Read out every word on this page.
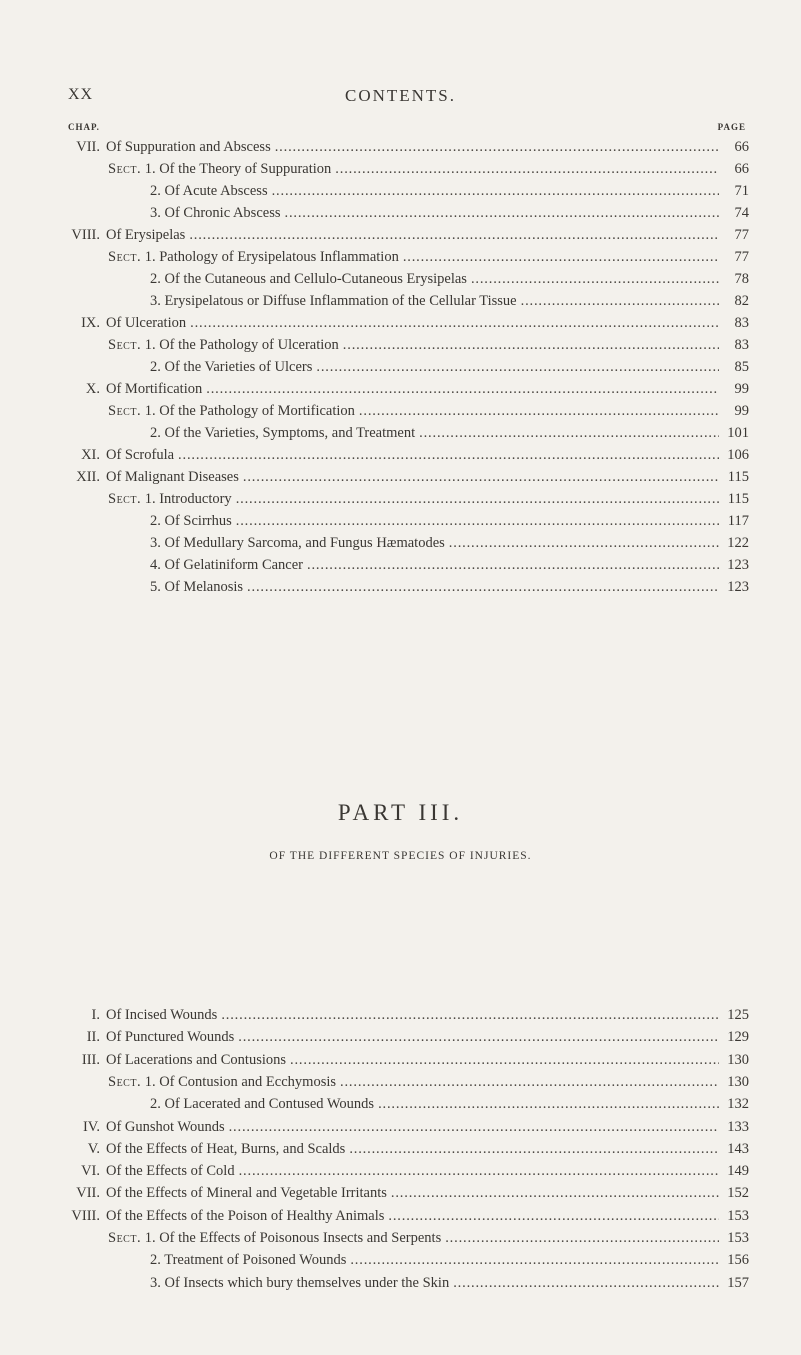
XX	CONTENTS.
CHAP.	PAGE
VII. Of Suppuration and Abscess . . .	66
Sect. 1. Of the Theory of Suppuration . . .	66
2. Of Acute Abscess . . .	71
3. Of Chronic Abscess . . .	74
VIII. Of Erysipelas . . .	77
Sect. 1. Pathology of Erysipelatous Inflammation . . .	77
2. Of the Cutaneous and Cellulo-Cutaneous Erysipelas . . .	78
3. Erysipelatous or Diffuse Inflammation of the Cellular Tissue . . .	82
IX. Of Ulceration . . .	83
Sect. 1. Of the Pathology of Ulceration . . .	83
2. Of the Varieties of Ulcers . . .	85
X. Of Mortification . . .	99
Sect. 1. Of the Pathology of Mortification . . .	99
2. Of the Varieties, Symptoms, and Treatment . . .	101
XI. Of Scrofula . . .	106
XII. Of Malignant Diseases . . .	115
Sect. 1. Introductory . . .	115
2. Of Scirrhus . . .	117
3. Of Medullary Sarcoma, and Fungus Hæmatodes . . .	122
4. Of Gelatiniform Cancer . . .	123
5. Of Melanosis . . .	123
PART III.
OF THE DIFFERENT SPECIES OF INJURIES.
I. Of Incised Wounds . . .	125
II. Of Punctured Wounds . . .	129
III. Of Lacerations and Contusions . . .	130
Sect. 1. Of Contusion and Ecchymosis . . .	130
2. Of Lacerated and Contused Wounds . . .	132
IV. Of Gunshot Wounds . . .	133
V. Of the Effects of Heat, Burns, and Scalds . . .	143
VI. Of the Effects of Cold . . .	149
VII. Of the Effects of Mineral and Vegetable Irritants . . .	152
VIII. Of the Effects of the Poison of Healthy Animals . . .	153
Sect. 1. Of the Effects of Poisonous Insects and Serpents . . .	153
2. Treatment of Poisoned Wounds . . .	156
3. Of Insects which bury themselves under the Skin . . .	157
